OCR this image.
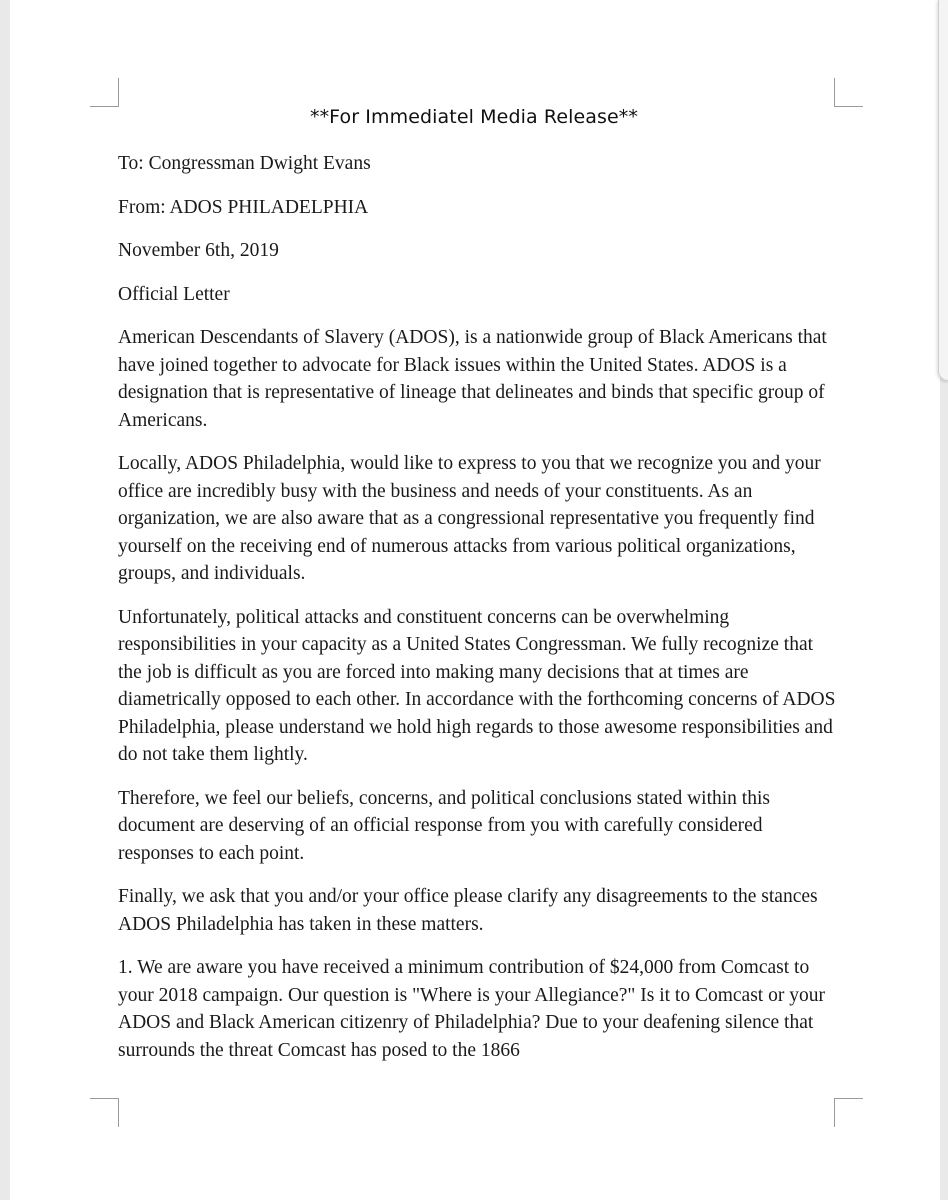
**For Immediatel Media Release**

To: Congressman Dwight Evans

From: ADOS PHILADELPHIA

November 6th, 2019

Official Letter

American Descendants of Slavery (ADOS), is a nationwide group of Black Americans that have joined together to advocate for Black issues within the United States. ADOS is a designation that is representative of lineage that delineates and binds that specific group of Americans.

Locally, ADOS Philadelphia, would like to express to you that we recognize you and your office are incredibly busy with the business and needs of your constituents. As an organization, we are also aware that as a congressional representative you frequently find yourself on the receiving end of numerous attacks from various political organizations, groups, and individuals.

Unfortunately, political attacks and constituent concerns can be overwhelming responsibilities in your capacity as a United States Congressman. We fully recognize that the job is difficult as you are forced into making many decisions that at times are diametrically opposed to each other. In accordance with the forthcoming concerns of ADOS Philadelphia, please understand we hold high regards to those awesome responsibilities and do not take them lightly.

Therefore, we feel our beliefs, concerns, and political conclusions stated within this document are deserving of an official response from you with carefully considered responses to each point.

Finally, we ask that you and/or your office please clarify any disagreements to the stances ADOS Philadelphia has taken in these matters.

1. We are aware you have received a minimum contribution of $24,000 from Comcast to your 2018 campaign. Our question is "Where is your Allegiance?" Is it to Comcast or your ADOS and Black American citizenry of Philadelphia? Due to your deafening silence that surrounds the threat Comcast has posed to the 1866
